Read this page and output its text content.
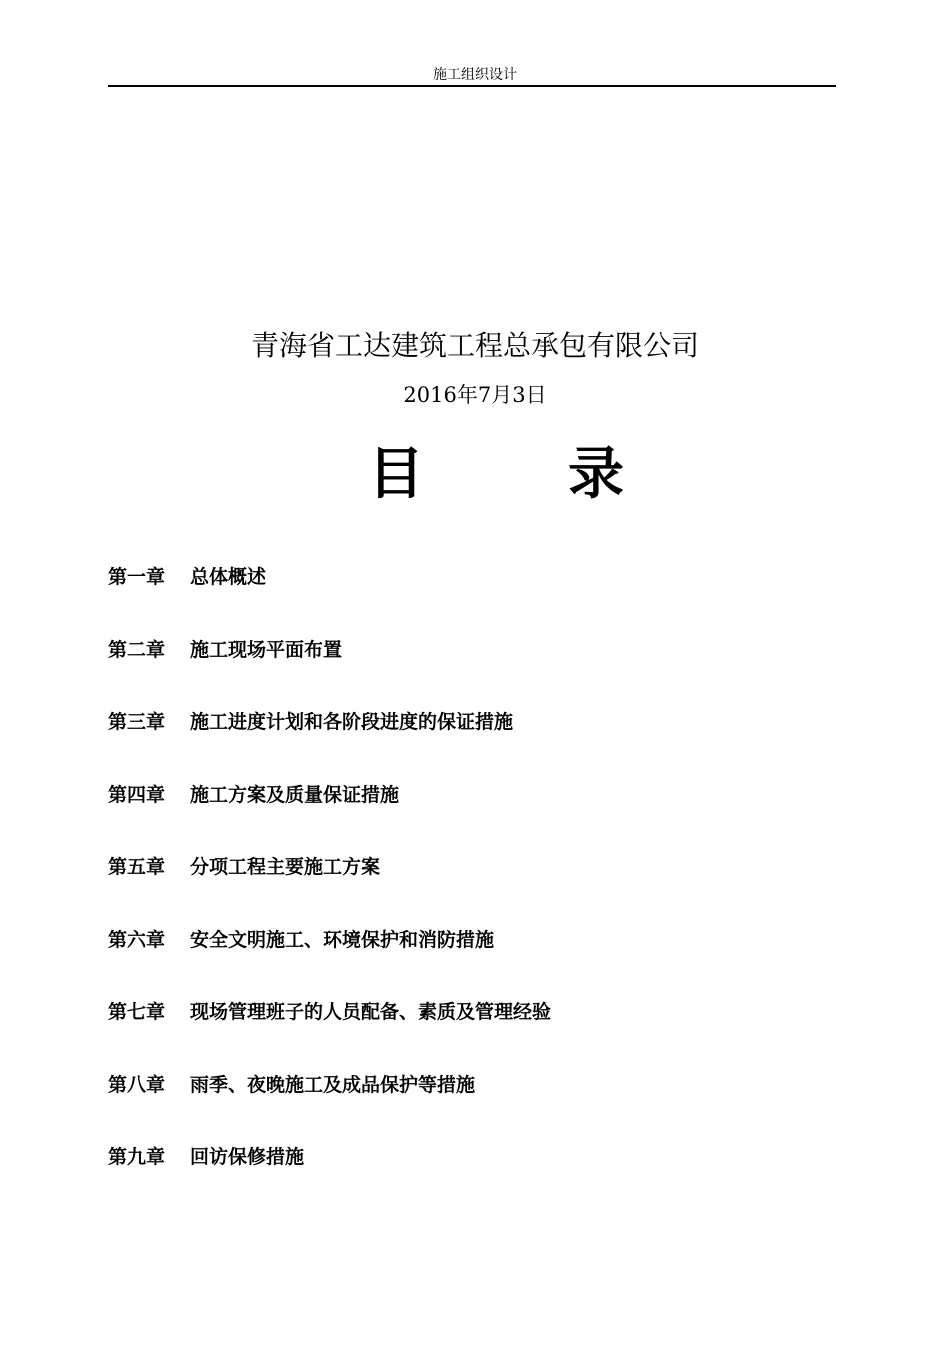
施工组织设计
青海省工达建筑工程总承包有限公司
2016年7月3日
目	录
第一章 总体概述
第二章 施工现场平面布置
第三章 施工进度计划和各阶段进度的保证措施
第四章 施工方案及质量保证措施
第五章 分项工程主要施工方案
第六章 安全文明施工、环境保护和消防措施
第七章 现场管理班子的人员配备、素质及管理经验
第八章 雨季、夜晚施工及成品保护等措施
第九章 回访保修措施
